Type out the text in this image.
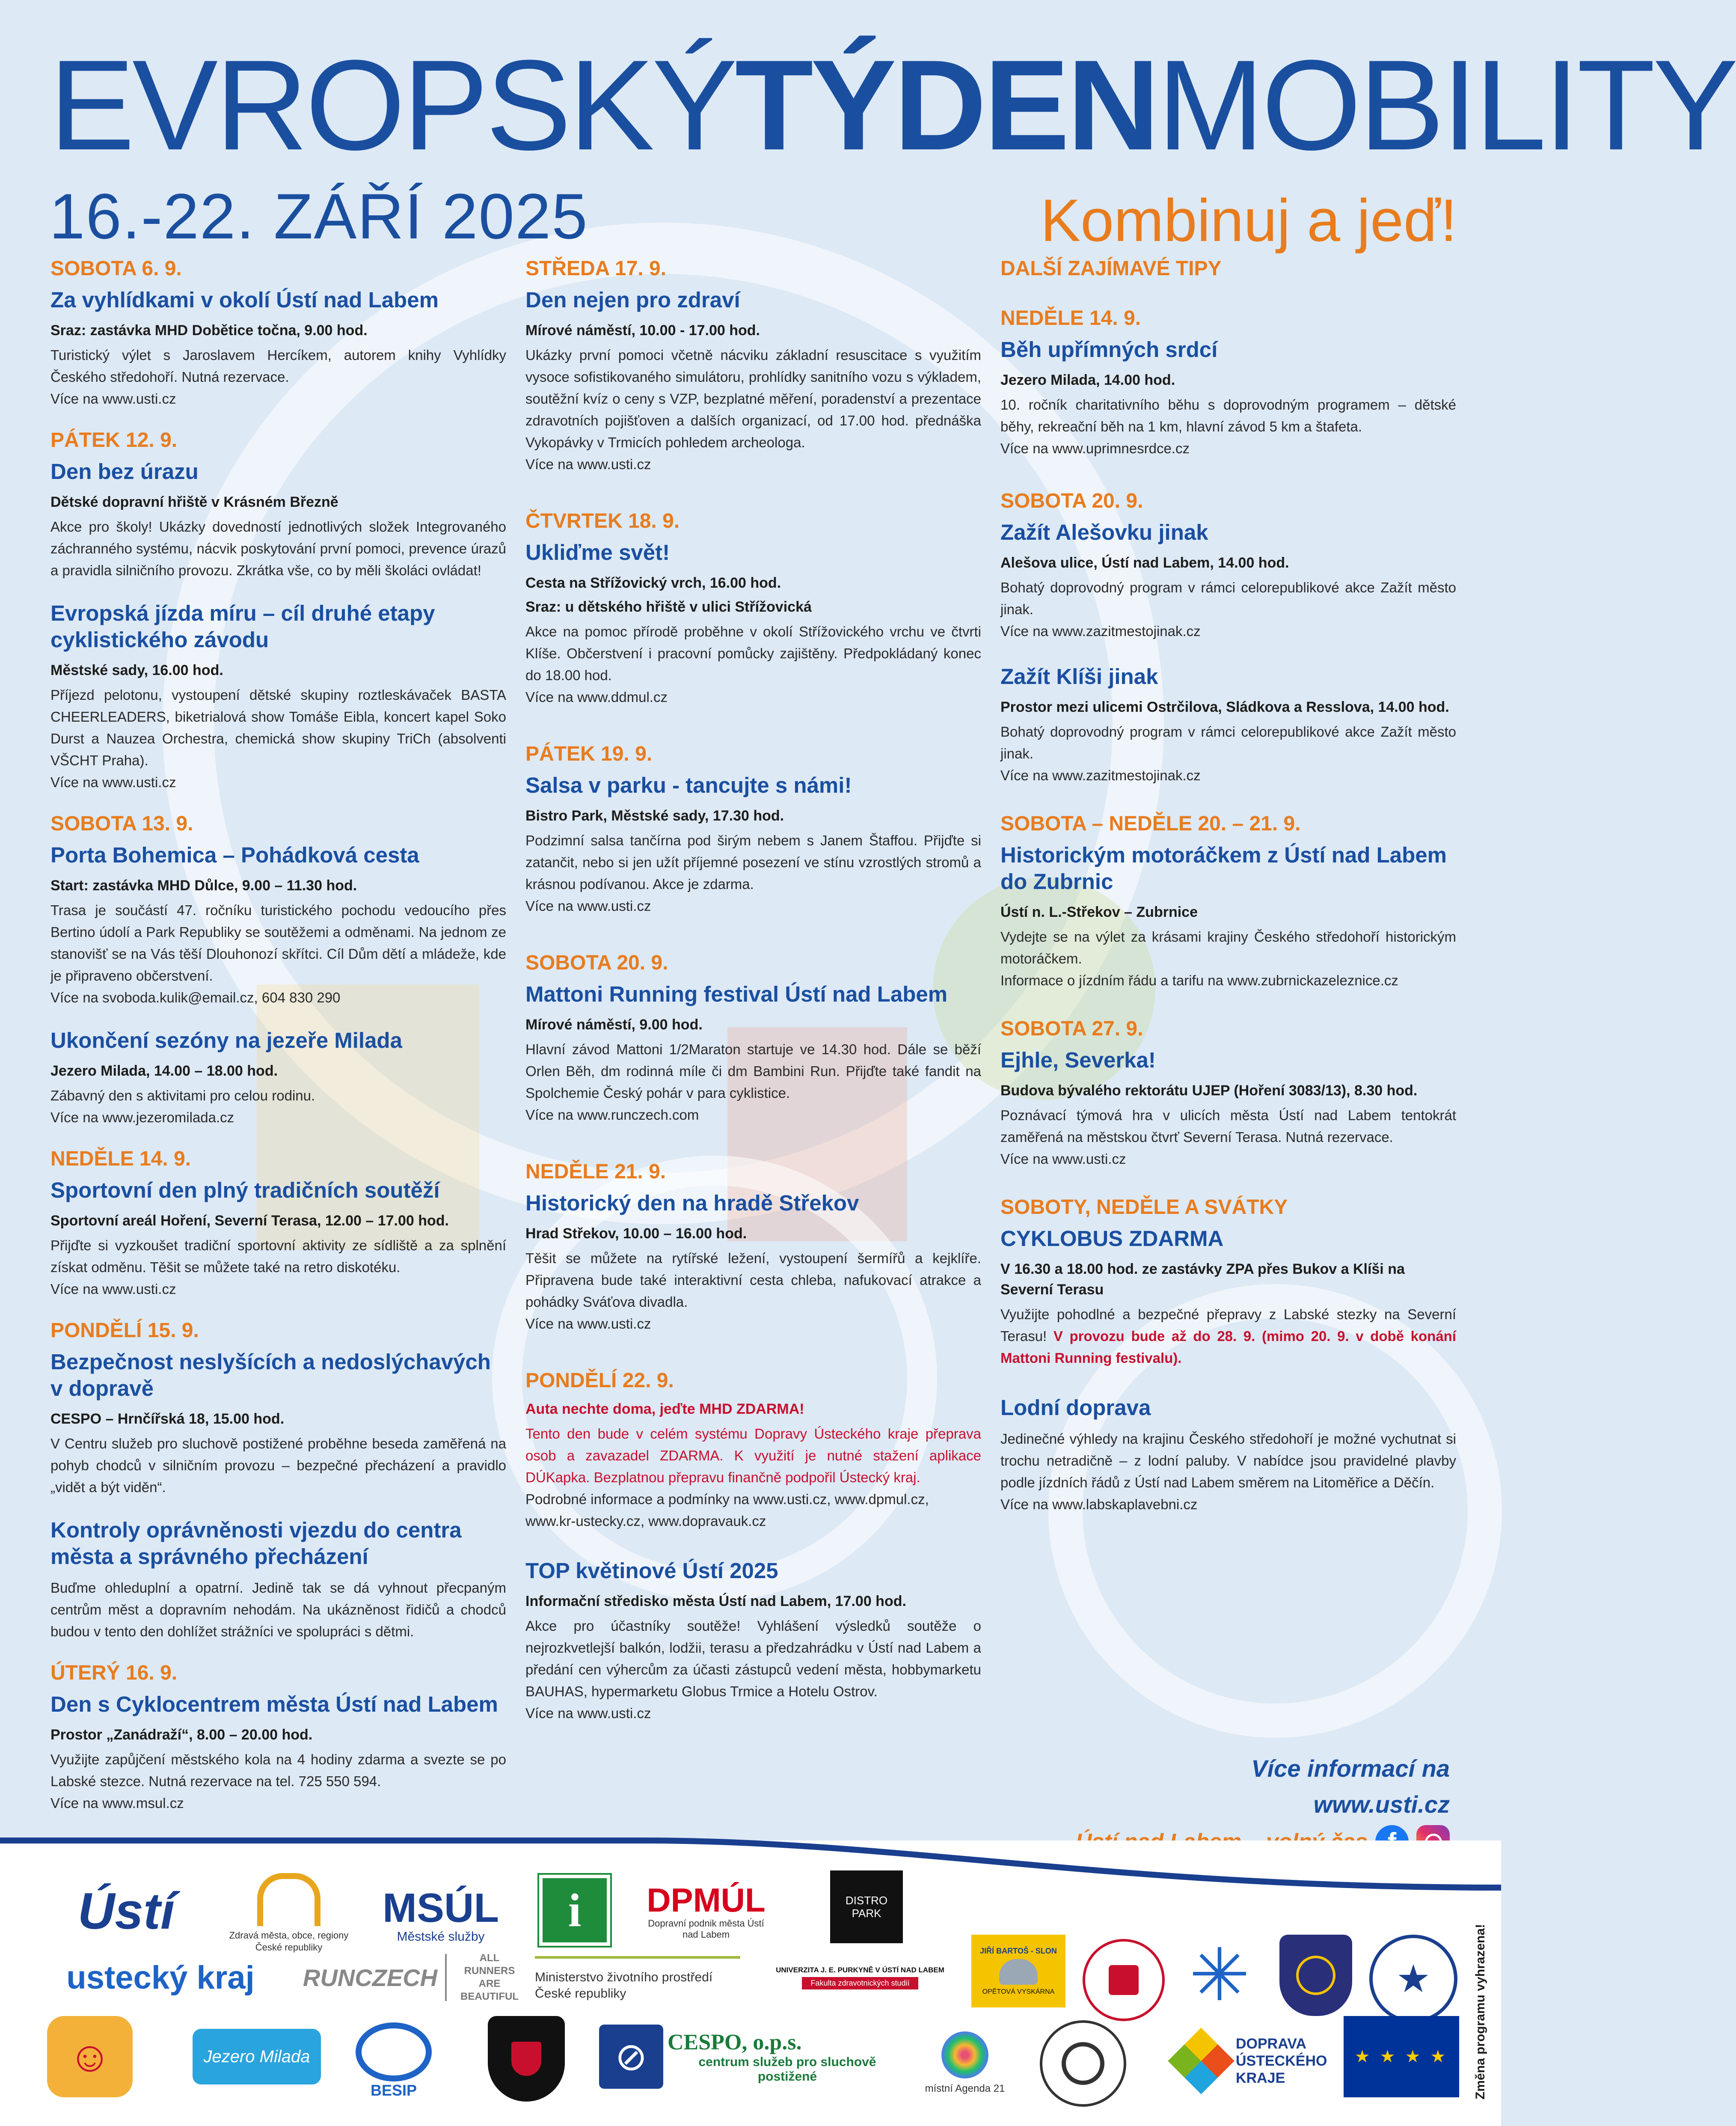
EVROPSKÝTÝDENMOBILITY
16.-22. ZÁŘÍ 2025	Kombinuj a jeď!
SOBOTA 6. 9.
Za vyhlídkami v okolí Ústí nad Labem
Sraz: zastávka MHD Dobětice točna, 9.00 hod.
Turistický výlet s Jaroslavem Hercíkem, autorem knihy Vyhlídky Českého středohoří. Nutná rezervace.
Více na www.usti.cz
PÁTEK 12. 9.
Den bez úrazu
Dětské dopravní hřiště v Krásném Březně
Akce pro školy! Ukázky dovedností jednotlivých složek Integrovaného záchranného systému, nácvik poskytování první pomoci, prevence úrazů a pravidla silničního provozu. Zkrátka vše, co by měli školáci ovládat!
Evropská jízda míru – cíl druhé etapy cyklistického závodu
Městské sady, 16.00 hod.
Příjezd pelotonu, vystoupení dětské skupiny roztleskávaček BASTA CHEERLEADERS, biketrialová show Tomáše Eibla, koncert kapel Soko Durst a Nauzea Orchestra, chemická show skupiny TriCh (absolventi VŠCHT Praha).
Více na www.usti.cz
SOBOTA 13. 9.
Porta Bohemica – Pohádková cesta
Start: zastávka MHD Důlce, 9.00 – 11.30 hod.
Trasa je součástí 47. ročníku turistického pochodu vedoucího přes Bertino údolí a Park Republiky se soutěžemi a odměnami. Na jednom ze stanovišť se na Vás těší Dlouhonozí skřítci. Cíl Dům dětí a mládeže, kde je připraveno občerstvení.
Více na svoboda.kulik@email.cz, 604 830 290
Ukončení sezóny na jezeře Milada
Jezero Milada, 14.00 – 18.00 hod.
Zábavný den s aktivitami pro celou rodinu.
Více na www.jezeromilada.cz
NEDĚLE 14. 9.
Sportovní den plný tradičních soutěží
Sportovní areál Hoření, Severní Terasa, 12.00 – 17.00 hod.
Přijďte si vyzkoušet tradiční sportovní aktivity ze sídliště a za splnění získat odměnu. Těšit se můžete také na retro diskotéku.
Více na www.usti.cz
PONDĚLÍ 15. 9.
Bezpečnost neslyšících a nedoslýchavých v dopravě
CESPO – Hrnčířská 18, 15.00 hod.
V Centru služeb pro sluchově postižené proběhne beseda zaměřená na pohyb chodců v silničním provozu – bezpečné přecházení a pravidlo „vidět a být viděn“.
Kontroly oprávněnosti vjezdu do centra města a správného přecházení
Buďme ohleduplní a opatrní. Jedině tak se dá vyhnout přecpaným centrům měst a dopravním nehodám. Na ukázněnost řidičů a chodců budou v tento den dohlížet strážníci ve spolupráci s dětmi.
ÚTERÝ 16. 9.
Den s Cyklocentrem města Ústí nad Labem
Prostor „Zanádraží“, 8.00 – 20.00 hod.
Využijte zapůjčení městského kola na 4 hodiny zdarma a svezte se po Labské stezce. Nutná rezervace na tel. 725 550 594.
Více na www.msul.cz
STŘEDA 17. 9.
Den nejen pro zdraví
Mírové náměstí, 10.00 - 17.00 hod.
Ukázky první pomoci včetně nácviku základní resuscitace s využitím vysoce sofistikovaného simulátoru, prohlídky sanitního vozu s výkladem, soutěžní kvíz o ceny s VZP, bezplatné měření, poradenství a prezentace zdravotních pojišťoven a dalších organizací, od 17.00 hod. přednáška Vykopávky v Trmicích pohledem archeologa.
Více na www.usti.cz
ČTVRTEK 18. 9.
Ukliďme svět!
Cesta na Střížovický vrch, 16.00 hod.
Sraz: u dětského hřiště v ulici Střížovická
Akce na pomoc přírodě proběhne v okolí Střížovického vrchu ve čtvrti Klíše. Občerstvení i pracovní pomůcky zajištěny. Předpokládaný konec do 18.00 hod.
Více na www.ddmul.cz
PÁTEK 19. 9.
Salsa v parku - tancujte s námi!
Bistro Park, Městské sady, 17.30 hod.
Podzimní salsa tančírna pod širým nebem s Janem Štaffou. Přijďte si zatančit, nebo si jen užít příjemné posezení ve stínu vzrostlých stromů a krásnou podívanou. Akce je zdarma.
Více na www.usti.cz
SOBOTA 20. 9.
Mattoni Running festival Ústí nad Labem
Mírové náměstí, 9.00 hod.
Hlavní závod Mattoni 1/2Maraton startuje ve 14.30 hod. Dále se běží Orlen Běh, dm rodinná míle či dm Bambini Run. Přijďte také fandit na Spolchemie Český pohár v para cyklistice.
Více na www.runczech.com
NEDĚLE 21. 9.
Historický den na hradě Střekov
Hrad Střekov, 10.00 – 16.00 hod.
Těšit se můžete na rytířské ležení, vystoupení šermířů a kejklíře. Připravena bude také interaktivní cesta chleba, nafukovací atrakce a pohádky Sváťova divadla.
Více na www.usti.cz
PONDĚLÍ 22. 9.
Auta nechte doma, jeďte MHD ZDARMA!
Tento den bude v celém systému Dopravy Ústeckého kraje přeprava osob a zavazadel ZDARMA. K využití je nutné stažení aplikace DÚKapka. Bezplatnou přepravu finančně podpořil Ústecký kraj.
Podrobné informace a podmínky na www.usti.cz, www.dpmul.cz, www.kr-ustecky.cz, www.dopravauk.cz
TOP květinové Ústí 2025
Informační středisko města Ústí nad Labem, 17.00 hod.
Akce pro účastníky soutěže! Vyhlášení výsledků soutěže o nejrozkvetlejší balkón, lodžii, terasu a předzahrádku v Ústí nad Labem a předání cen výhercům za účasti zástupců vedení města, hobbymarketu BAUHAS, hypermarketu Globus Trmice a Hotelu Ostrov.
Více na www.usti.cz
DALŠÍ ZAJÍMAVÉ TIPY
NEDĚLE 14. 9.
Běh upřímných srdcí
Jezero Milada, 14.00 hod.
10. ročník charitativního běhu s doprovodným programem – dětské běhy, rekreační běh na 1 km, hlavní závod 5 km a štafeta.
Více na www.uprimnesrdce.cz
SOBOTA 20. 9.
Zažít Alešovku jinak
Alešova ulice, Ústí nad Labem, 14.00 hod.
Bohatý doprovodný program v rámci celorepublikové akce Zažít město jinak.
Více na www.zazitmestojinak.cz
Zažít Klíši jinak
Prostor mezi ulicemi Ostrčilova, Sládkova a Resslova, 14.00 hod.
Bohatý doprovodný program v rámci celorepublikové akce Zažít město jinak.
Více na www.zazitmestojinak.cz
SOBOTA – NEDĚLE 20. – 21. 9.
Historickým motoráčkem z Ústí nad Labem do Zubrnic
Ústí n. L.-Střekov – Zubrnice
Vydejte se na výlet za krásami krajiny Českého středohoří historickým motoráčkem.
Informace o jízdním řádu a tarifu na www.zubrnickazeleznice.cz
SOBOTA 27. 9.
Ejhle, Severka!
Budova bývalého rektorátu UJEP (Hoření 3083/13), 8.30 hod.
Poznávací týmová hra v ulicích města Ústí nad Labem tentokrát zaměřená na městskou čtvrť Severní Terasa. Nutná rezervace.
Více na www.usti.cz
SOBOTY, NEDĚLE A SVÁTKY
CYKLOBUS ZDARMA
V 16.30 a 18.00 hod. ze zastávky ZPA přes Bukov a Klíši na Severní Terasu
Využijte pohodlné a bezpečné přepravy z Labské stezky na Severní Terasu! V provozu bude až do 28. 9. (mimo 20. 9. v době konání Mattoni Running festivalu).
Lodní doprava
Jedinečné výhledy na krajinu Českého středohoří je možné vychutnat si trochu netradičně – z lodní paluby. V nabídce jsou pravidelné plavby podle jízdních řádů z Ústí nad Labem směrem na Litoměřice a Děčín.
Více na www.labskaplavebni.cz
Více informací na
www.usti.cz
Ústí	Zdravá města, obce, regiony České republiky
MSÚL
Městské služby
i DPMÚL
Dopravní podnik města Ústí nad Labem
DISTRO PARK
ustecký kraj RUNCZECH
ALL RUNNERS ARE BEAUTIFUL
Ministerstvo životního prostředí České republiky
UNIVERZITA J. E. PURKYNĚ V ÚSTÍ NAD LABEM
Fakulta zdravotnických studií
JIŘÍ BARTOŠ - SLON
OPĚTOVÁ VYSKÁRNA ✳	★
☺	Jezero Milada
BESIP
⊘ CESPO, o.p.s.
centrum služeb pro sluchově postižené
místní Agenda 21
DOPRAVA ÚSTECKÉHO KRAJE
★ ★ ★ ★ Změna programu vyhrazena!
